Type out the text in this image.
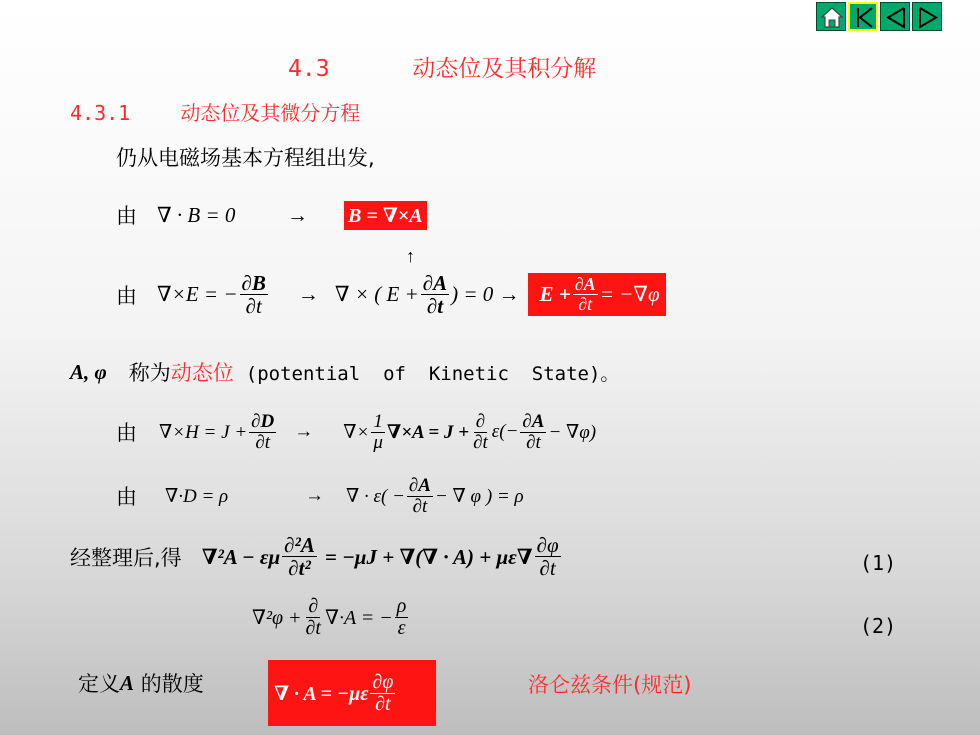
4.3	动态位及其积分解
4.3.1	动态位及其微分方程
仍从电磁场基本方程组出发,
由 ∇ · B = 0	→ B = ∇×A
↑
由 ∇×E = − $\frac{\partial B}{\partial t}$ → ∇ × ( $E + \frac{\partial A}{\partial t}$ ) = $0 \to E + \frac{\partial A}{\partial t} = -\nabla\varphi$
A, φ 称为 动态位 (potential  of  Kinetic  State)。
由 $\nabla\times H = J + \frac{\partial D}{\partial t}$ → ∇× $\frac{1}{\mu} \nabla\times A = J + \frac{\partial}{\partial t} \varepsilon(- \frac{\partial A}{\partial t} - \nabla\varphi)$
由 ∇·D = ρ	→ ∇ · $\varepsilon( - \frac{\partial A}{\partial t}$ − ∇ φ ) = ρ
经整理后,得 ∇²A − εμ $\frac{\text{∂²A}}{\text{∂t²}} = -\mu J$ + ∇(∇ · $A) + \mu\varepsilon\nabla \frac{\partial\varphi}{\partial t}$	(1)
$\nabla^2\varphi + \frac{\partial}{\partial t} \nabla\cdot A$ = − $\frac{\rho}{\varepsilon}$	(2)
定义 A 的散度	∇ · $A = -\mu\varepsilon \frac{\partial\varphi}{\partial t}$	洛仑兹条件(规范)
